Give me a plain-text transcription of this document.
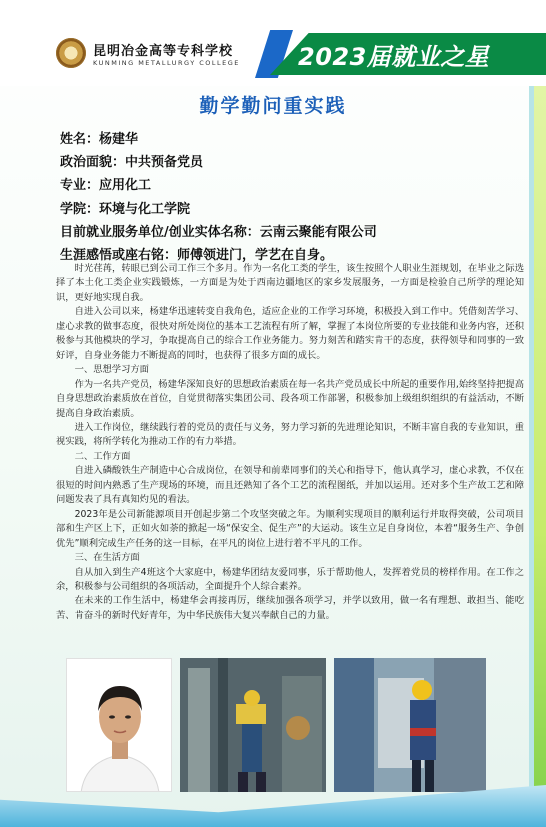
昆明冶金高等专科学校
KUNMING METALLURGY COLLEGE 2023届就业之星
勤学勤问重实践
姓名：杨建华
政治面貌：中共预备党员
专业：应用化工
学院：环境与化工学院
目前就业服务单位/创业实体名称：云南云聚能有限公司
生涯感悟或座右铭：师傅领进门，学艺在自身。

时光荏苒，转眼已到公司工作三个多月。作为一名化工类的学生，该生按照个人职业生涯规划，在毕业之际选择了本土化工类企业实践锻炼，一方面是为处于西南边疆地区的家乡发展服务，一方面是检验自己所学的理论知识，更好地实现自我。

自进入公司以来，杨建华迅速转变自我角色，适应企业的工作学习环境，积极投入到工作中。凭借刻苦学习、虚心求教的做事态度，很快对所处岗位的基本工艺流程有所了解，掌握了本岗位所要的专业技能和业务内容，还积极参与其他模块的学习，争取提高自己的综合工作业务能力。努力刻苦和踏实肯干的态度，获得领导和同事的一致好评，自身业务能力不断提高的同时，也获得了很多方面的成长。

一、思想学习方面

作为一名共产党员，杨建华深知良好的思想政治素质在每一名共产党员成长中所起的重要作用,始终坚持把提高自身思想政治素质放在首位，自觉贯彻落实集团公司、段各项工作部署，积极参加上级组织组织的有益活动，不断提高自身政治素质。

进入工作岗位，继续践行着的党员的责任与义务，努力学习新的先进理论知识，不断丰富自我的专业知识，重视实践，将所学转化为推动工作的有力举措。

二、工作方面

自进入磷酸铁生产制造中心合成岗位，在领导和前辈同事们的关心和指导下，他认真学习，虚心求教，不仅在很短的时间内熟悉了生产现场的环境，而且还熟知了各个工艺的流程图纸，并加以运用。还对多个生产故工艺和障问题发表了具有真知灼见的看法。

2023年是公司新能源项目开创起步第二个攻坚突破之年。为顺利实现项目的顺利运行并取得突破，公司项目部和生产区上下，正如火如荼的掀起一场“保安全、促生产”的大运动。该生立足自身岗位，本着“服务生产、争创优先”顺利完成生产任务的这一目标，在平凡的岗位上进行着不平凡的工作。

三、在生活方面

自从加入到生产4班这个大家庭中，杨建华团结友爱同事，乐于帮助他人，发挥着党员的榜样作用。在工作之余，积极参与公司组织的各项活动，全面提升个人综合素养。

在未来的工作生活中，杨建华会再接再厉，继续加强各项学习，并学以致用，做一名有理想、敢担当、能吃苦、肯奋斗的新时代好青年，为中华民族伟大复兴奉献自己的力量。
